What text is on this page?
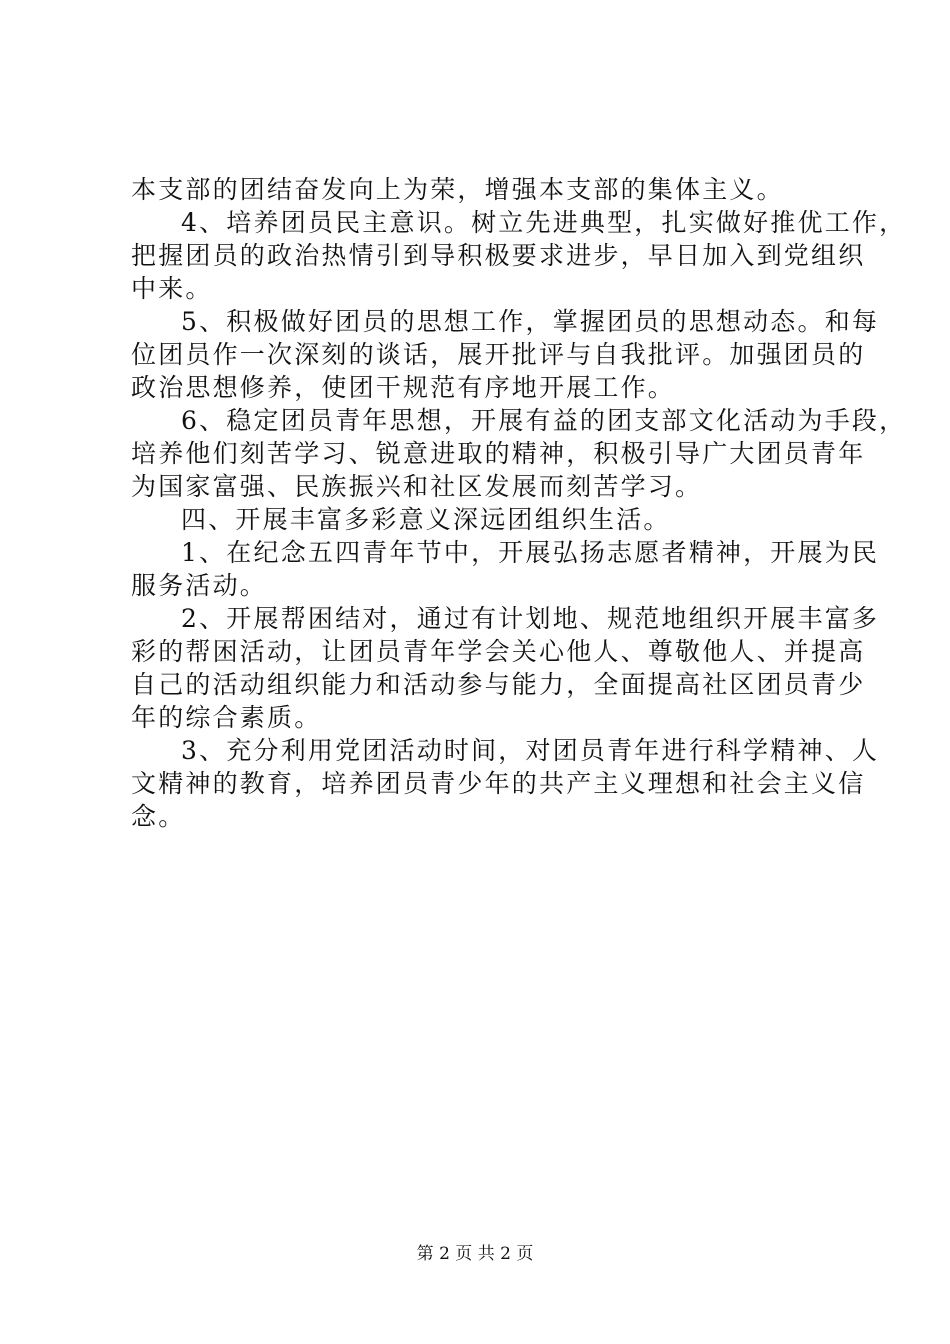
本支部的团结奋发向上为荣，增强本支部的集体主义。
4、培养团员民主意识。树立先进典型，扎实做好推优工作，
把握团员的政治热情引到导积极要求进步，早日加入到党组织
中来。
5、积极做好团员的思想工作，掌握团员的思想动态。和每
位团员作一次深刻的谈话，展开批评与自我批评。加强团员的
政治思想修养，使团干规范有序地开展工作。
6、稳定团员青年思想，开展有益的团支部文化活动为手段，
培养他们刻苦学习、锐意进取的精神，积极引导广大团员青年
为国家富强、民族振兴和社区发展而刻苦学习。
四、开展丰富多彩意义深远团组织生活。
1、在纪念五四青年节中，开展弘扬志愿者精神，开展为民
服务活动。
2、开展帮困结对，通过有计划地、规范地组织开展丰富多
彩的帮困活动，让团员青年学会关心他人、尊敬他人、并提高
自己的活动组织能力和活动参与能力，全面提高社区团员青少
年的综合素质。
3、充分利用党团活动时间，对团员青年进行科学精神、人
文精神的教育，培养团员青少年的共产主义理想和社会主义信
念。
第 2 页 共 2 页
